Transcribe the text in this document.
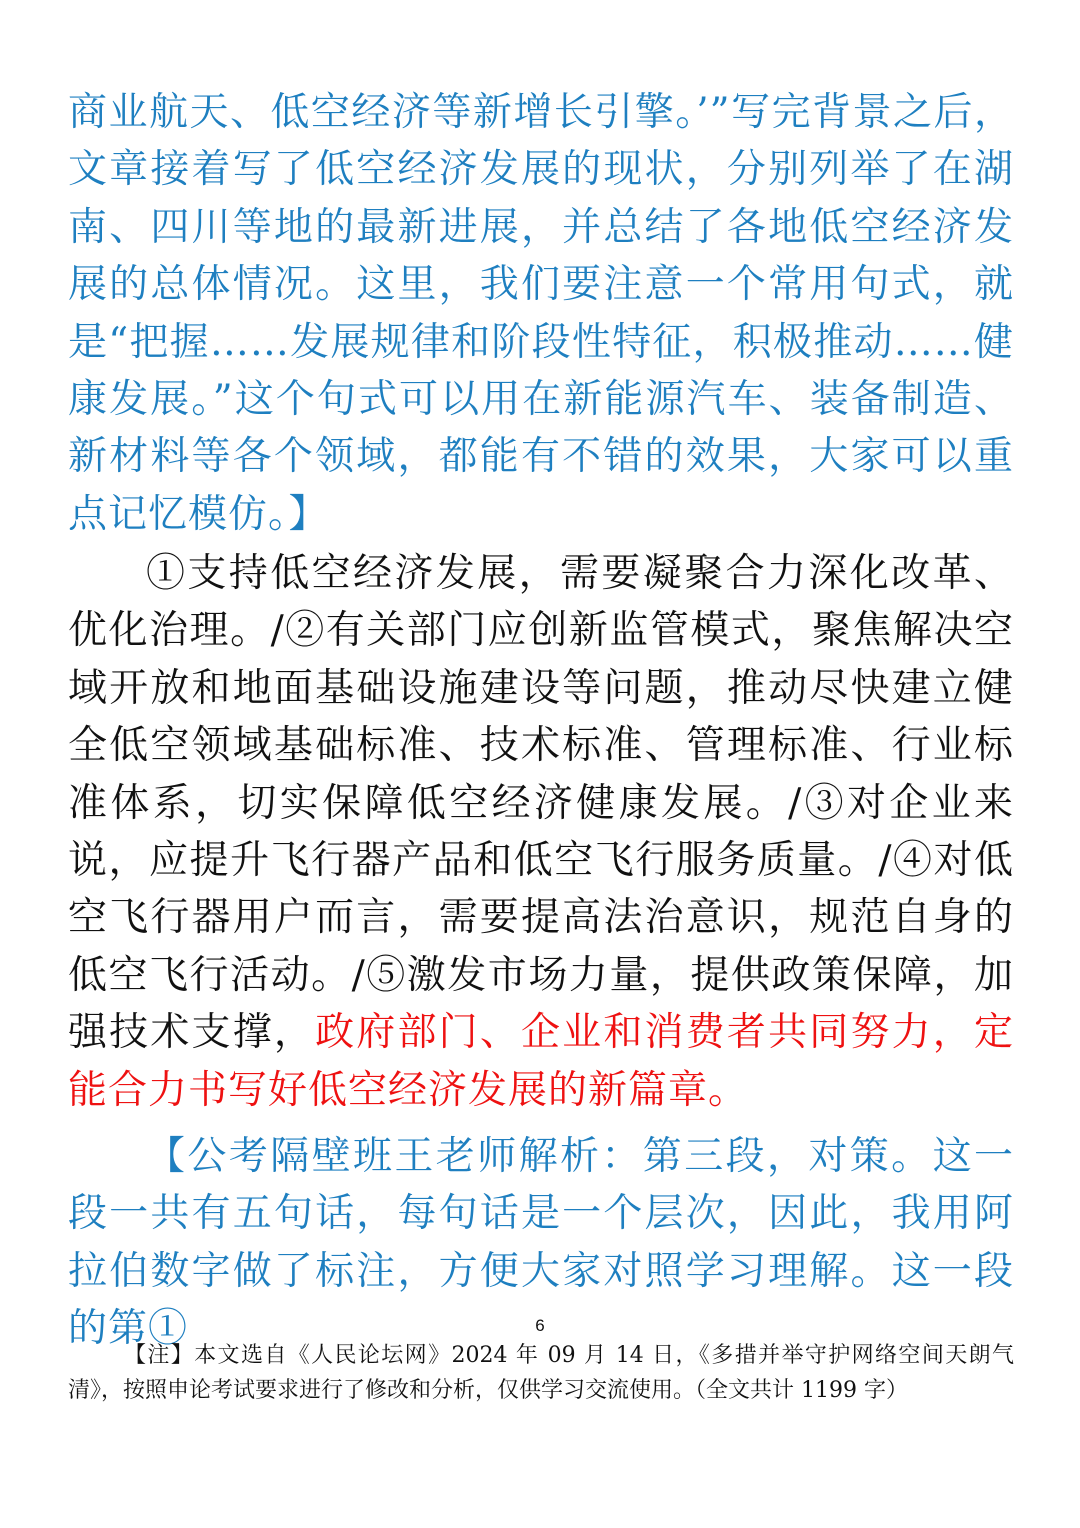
商业航天、低空经济等新增长引擎。’”写完背景之后，文章接着写了低空经济发展的现状，分别列举了在湖南、四川等地的最新进展，并总结了各地低空经济发展的总体情况。这里，我们要注意一个常用句式，就是“把握……发展规律和阶段性特征，积极推动……健康发展。”这个句式可以用在新能源汽车、装备制造、新材料等各个领域，都能有不错的效果，大家可以重点记忆模仿。】

①支持低空经济发展，需要凝聚合力深化改革、优化治理。/②有关部门应创新监管模式，聚焦解决空域开放和地面基础设施建设等问题，推动尽快建立健全低空领域基础标准、技术标准、管理标准、行业标准体系，切实保障低空经济健康发展。/③对企业来说，应提升飞行器产品和低空飞行服务质量。/④对低空飞行器用户而言，需要提高法治意识，规范自身的低空飞行活动。/⑤激发市场力量，提供政策保障，加强技术支撑，政府部门、企业和消费者共同努力，定能合力书写好低空经济发展的新篇章。

【公考隔壁班王老师解析：第三段，对策。这一段一共有五句话，每句话是一个层次，因此，我用阿拉伯数字做了标注，方便大家对照学习理解。这一段的第①	6

【注】本文选自《人民论坛网》2024 年 09 月 14 日，《多措并举守护网络空间天朗气清》，按照申论考试要求进行了修改和分析，仅供学习交流使用。（全文共计 1199 字）
